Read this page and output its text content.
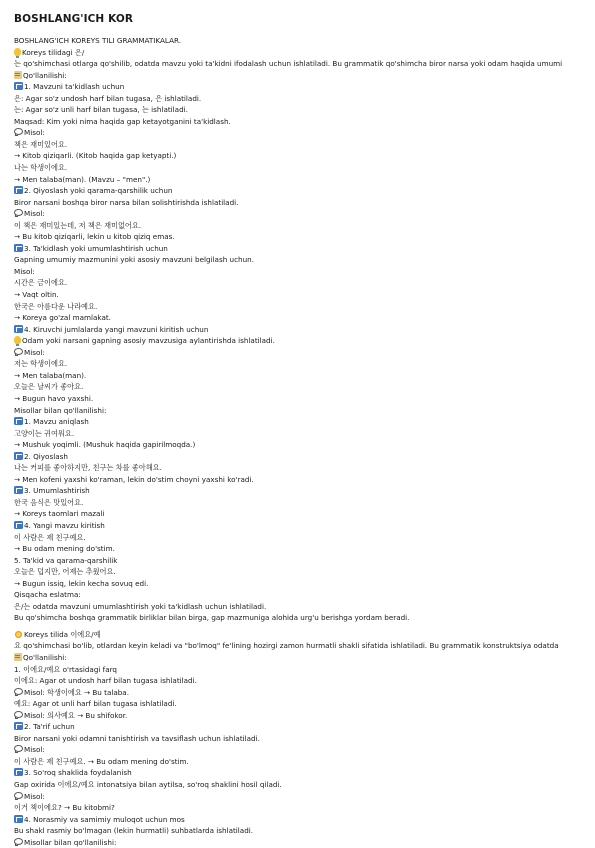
BOSHLANG'ICH KOR
BOSHLANG'ICH KOREYS TILI GRAMMATIKALAR.
Koreys tilidagi 은/
는 qo'shimchasi otlarga qo'shilib, odatda mavzu yoki ta'kidni ifodalash uchun ishlatiladi. Bu grammatik qo'shimcha biror narsa yoki odam haqida umumi
Qo'llanilishi:
1. Mavzuni ta'kidlash uchun
은: Agar so'z undosh harf bilan tugasa, 은 ishlatiladi.
는: Agar so'z unli harf bilan tugasa, 는 ishlatiladi.
Maqsad: Kim yoki nima haqida gap ketayotganini ta'kidlash.
Misol:
책은 재미있어요.
→ Kitob qiziqarli. (Kitob haqida gap ketyapti.)
나는 학생이에요.
→ Men talaba(man). (Mavzu – "men".)
2. Qiyoslash yoki qarama-qarshilik uchun
Biror narsani boshqa biror narsa bilan solishtirishda ishlatiladi.
Misol:
이 책은 재미있는데, 저 책은 재미없어요.
→ Bu kitob qiziqarli, lekin u kitob qiziq emas.
3. Ta'kidlash yoki umumlashtirish uchun
Gapning umumiy mazmunini yoki asosiy mavzuni belgilash uchun.
Misol:
시간은 금이에요.
→ Vaqt oltin.
한국은 아름다운 나라예요.
→ Koreya go'zal mamlakat.
4. Kiruvchi jumlalarda yangi mavzuni kiritish uchun
Odam yoki narsani gapning asosiy mavzusiga aylantirishda ishlatiladi.
Misol:
저는 학생이에요.
→ Men talaba(man).
오늘은 날씨가 좋아요.
→ Bugun havo yaxshi.
Misollar bilan qo'llanilishi:
1. Mavzu aniqlash
고양이는 귀여워요.
→ Mushuk yoqimli. (Mushuk haqida gapirilmoqda.)
2. Qiyoslash
나는 커피를 좋아하지만, 친구는 차를 좋아해요.
→ Men kofeni yaxshi ko'raman, lekin do'stim choyni yaxshi ko'radi.
3. Umumlashtirish
한국 음식은 맛있어요.
→ Koreys taomlari mazali
4. Yangi mavzu kiritish
이 사람은 제 친구예요.
→ Bu odam mening do'stim.
5. Ta'kid va qarama-qarshilik
오늘은 덥지만, 어제는 추웠어요.
→ Bugun issiq, lekin kecha sovuq edi.
Qisqacha eslatma:
은/는 odatda mavzuni umumlashtirish yoki ta'kidlash uchun ishlatiladi.
Bu qo'shimcha boshqa grammatik birliklar bilan birga, gap mazmuniga alohida urg'u berishga yordam beradi.
Koreys tilida 이에요/예
요 qo'shimchasi bo'lib, otlardan keyin keladi va "bo'lmoq" fe'lining hozirgi zamon hurmatli shakli sifatida ishlatiladi. Bu grammatik konstruktsiya odatda
Qo'llanilishi:
1. 이에요/예요 o'rtasidagi farq
이에요: Agar ot undosh harf bilan tugasa ishlatiladi.
Misol: 학생이에요 → Bu talaba.
예요: Agar ot unli harf bilan tugasa ishlatiladi.
Misol: 의사예요 → Bu shifokor.
2. Ta'rif uchun
Biror narsani yoki odamni tanishtirish va tavsiflash uchun ishlatiladi.
Misol:
이 사람은 제 친구예요. → Bu odam mening do'stim.
3. So'roq shaklida foydalanish
Gap oxirida 이에요/예요 intonatsiya bilan aytilsa, so'roq shaklini hosil qiladi.
Misol:
이거 책이에요? → Bu kitobmi?
4. Norasmiy va samimiy muloqot uchun mos
Bu shakl rasmiy bo'lmagan (lekin hurmatli) suhbatlarda ishlatiladi.
Misollar bilan qo'llanilishi:
